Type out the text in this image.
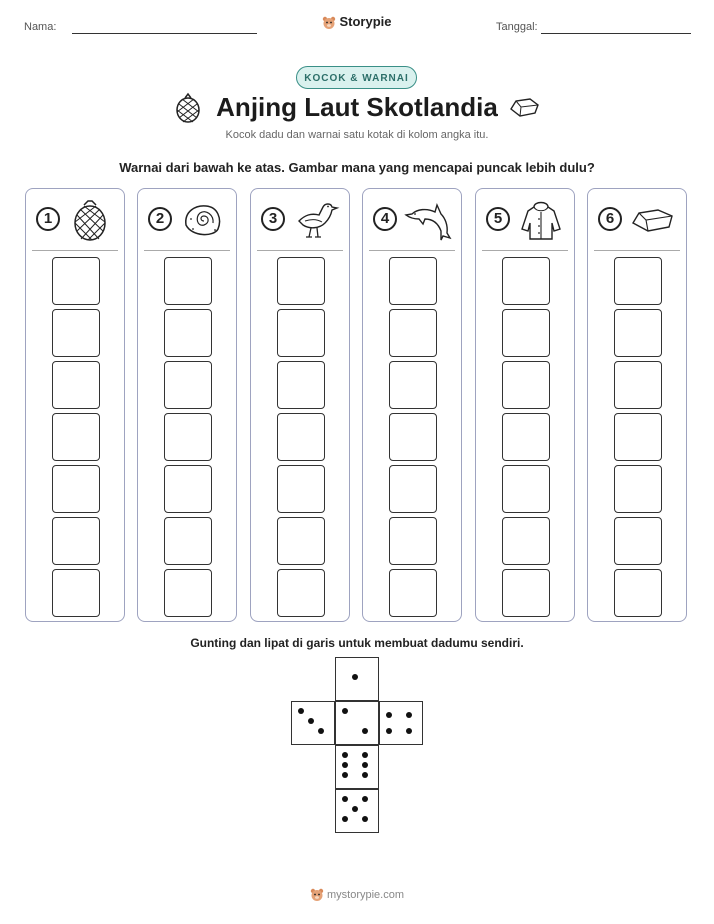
Nama:	Storypie	Tanggal:
KOCOK & WARNAI
Anjing Laut Skotlandia
Kocok dadu dan warnai satu kotak di kolom angka itu.
Warnai dari bawah ke atas. Gambar mana yang mencapai puncak lebih dulu?
1	2	3	4	5	6
Gunting dan lipat di garis untuk membuat dadumu sendiri.
mystorypie.com
